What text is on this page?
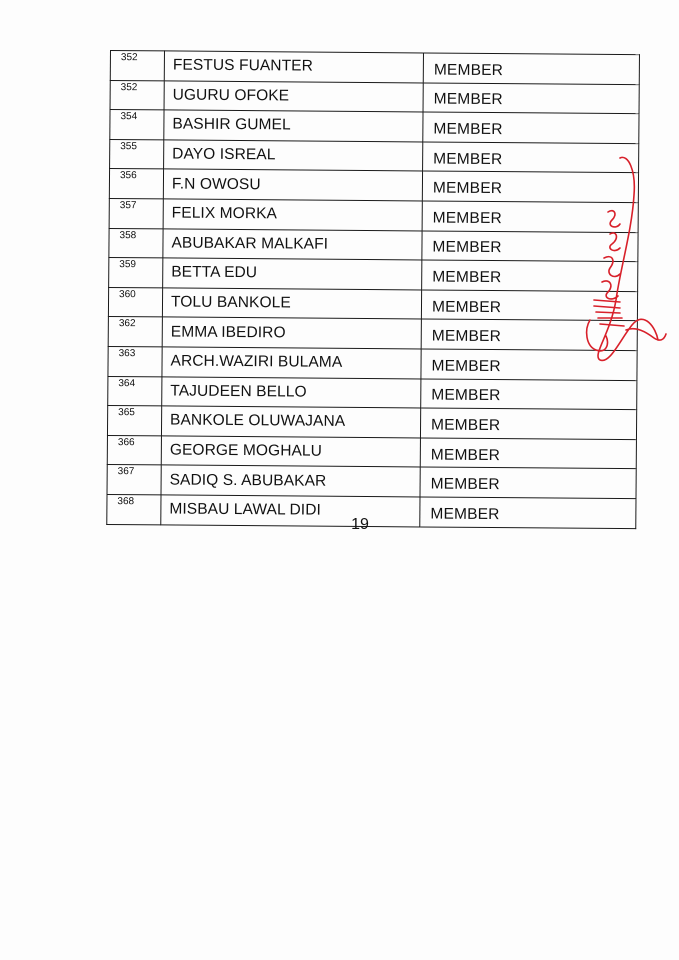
352	FESTUS FUANTER	MEMBER
352	UGURU OFOKE	MEMBER
354	BASHIR GUMEL	MEMBER
355	DAYO ISREAL	MEMBER
356	F.N OWOSU	MEMBER
357	FELIX MORKA	MEMBER
358	ABUBAKAR MALKAFI	MEMBER
359	BETTA EDU	MEMBER
360	TOLU BANKOLE	MEMBER
362	EMMA IBEDIRO	MEMBER
363	ARCH.WAZIRI BULAMA	MEMBER
364	TAJUDEEN BELLO	MEMBER
365	BANKOLE OLUWAJANA	MEMBER
366	GEORGE MOGHALU	MEMBER
367	SADIQ S. ABUBAKAR	MEMBER
368	MISBAU LAWAL DIDI	MEMBER
19
